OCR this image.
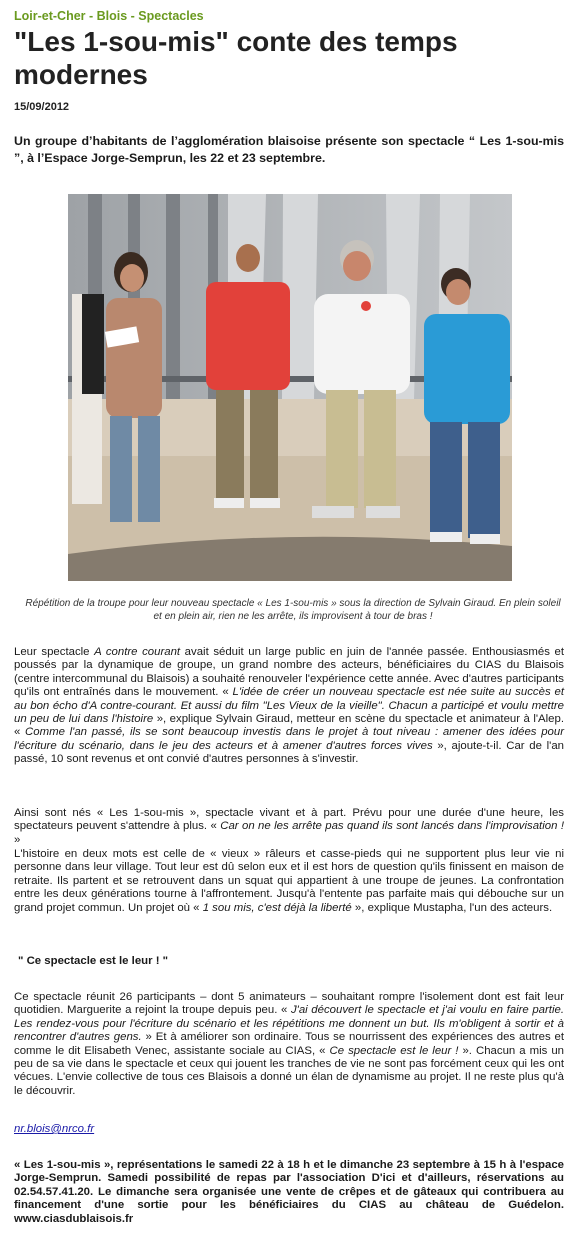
Loir-et-Cher - Blois - Spectacles
"Les 1-sou-mis" conte des temps modernes
15/09/2012

Un groupe d’habitants de l’agglomération blaisoise présente son spectacle “ Les 1-sou-mis ”, à l’Espace Jorge-Semprun, les 22 et 23 septembre.

Répétition de la troupe pour leur nouveau spectacle « Les 1-sou-mis » sous la direction de Sylvain Giraud. En plein soleil et en plein air, rien ne les arrête, ils improvisent à tour de bras !

Leur spectacle A contre courant avait séduit un large public en juin de l'année passée. Enthousiasmés et poussés par la dynamique de groupe, un grand nombre des acteurs, bénéficiaires du CIAS du Blaisois (centre intercommunal du Blaisois) a souhaité renouveler l'expérience cette année. Avec d'autres participants qu'ils ont entraînés dans le mouvement. « L'idée de créer un nouveau spectacle est née suite au succès et au bon écho d'A contre-courant. Et aussi du film "Les Vieux de la vieille". Chacun a participé et voulu mettre un peu de lui dans l'histoire », explique Sylvain Giraud, metteur en scène du spectacle et animateur à l'Alep. « Comme l'an passé, ils se sont beaucoup investis dans le projet à tout niveau : amener des idées pour l'écriture du scénario, dans le jeu des acteurs et à amener d'autres forces vives », ajoute-t-il. Car de l'an passé, 10 sont revenus et ont convié d'autres personnes à s'investir.

Ainsi sont nés « Les 1-sou-mis », spectacle vivant et à part. Prévu pour une durée d'une heure, les spectateurs peuvent s'attendre à plus. « Car on ne les arrête pas quand ils sont lancés dans l'improvisation ! »

L'histoire en deux mots est celle de « vieux » râleurs et casse-pieds qui ne supportent plus leur vie ni personne dans leur village. Tout leur est dû selon eux et il est hors de question qu'ils finissent en maison de retraite. Ils partent et se retrouvent dans un squat qui appartient à une troupe de jeunes. La confrontation entre les deux générations tourne à l'affrontement. Jusqu'à l'entente pas parfaite mais qui débouche sur un grand projet commun. Un projet où « 1 sou mis, c'est déjà la liberté », explique Mustapha, l'un des acteurs.

" Ce spectacle est le leur ! "

Ce spectacle réunit 26 participants – dont 5 animateurs – souhaitant rompre l'isolement dont est fait leur quotidien. Marguerite a rejoint la troupe depuis peu. « J'ai découvert le spectacle et j'ai voulu en faire partie. Les rendez-vous pour l'écriture du scénario et les répétitions me donnent un but. Ils m'obligent à sortir et à rencontrer d'autres gens. » Et à améliorer son ordinaire. Tous se nourrissent des expériences des autres et comme le dit Elisabeth Venec, assistante sociale au CIAS, « Ce spectacle est le leur ! ». Chacun a mis un peu de sa vie dans le spectacle et ceux qui jouent les tranches de vie ne sont pas forcément ceux qui les ont vécues. L'envie collective de tous ces Blaisois a donné un élan de dynamisme au projet. Il ne reste plus qu'à le découvrir.

nr.blois@nrco.fr

« Les 1-sou-mis », représentations le samedi 22 à 18 h et le dimanche 23 septembre à 15 h à l'espace Jorge-Semprun. Samedi possibilité de repas par l'association D'ici et d'ailleurs, réservations au 02.54.57.41.20. Le dimanche sera organisée une vente de crêpes et de gâteaux qui contribuera au financement d'une sortie pour les bénéficiaires du CIAS au château de Guédelon. www.ciasdublaisois.fr
